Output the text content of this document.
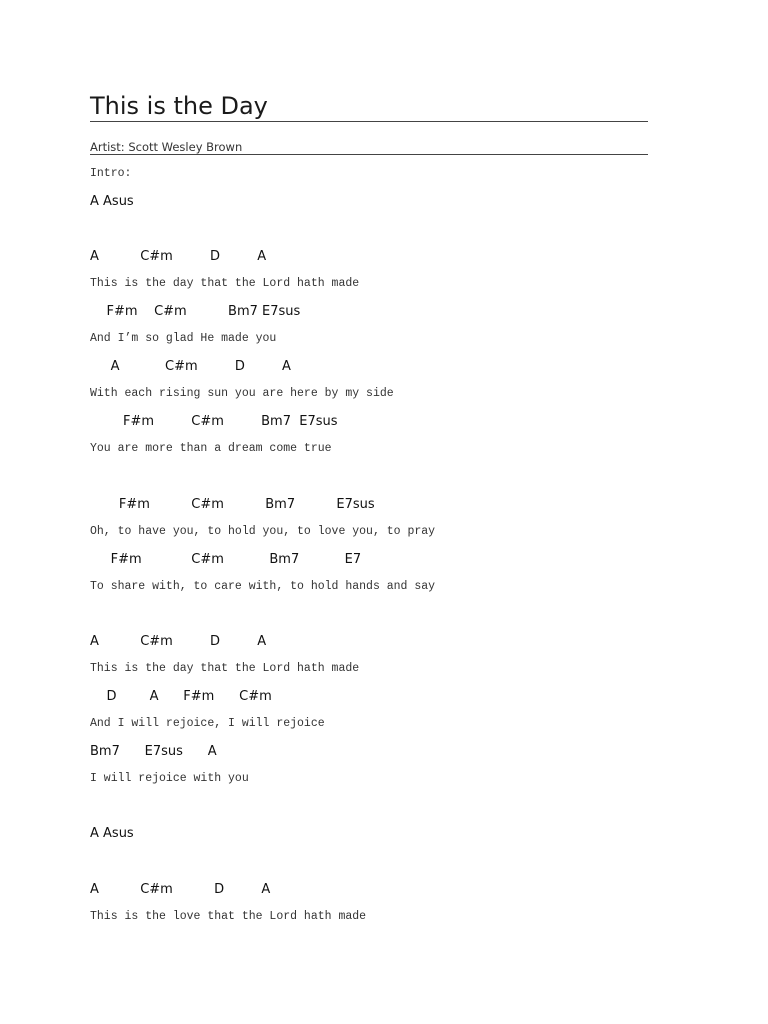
This is the Day
Artist: Scott Wesley Brown
Intro:
A Asus
A          C#m         D         A
This is the day that the Lord hath made
F#m    C#m          Bm7 E7sus
And I’m so glad He made you
A           C#m         D         A
With each rising sun you are here by my side
F#m         C#m         Bm7  E7sus
You are more than a dream come true
F#m          C#m          Bm7          E7sus
Oh, to have you, to hold you, to love you, to pray
F#m            C#m           Bm7           E7
To share with, to care with, to hold hands and say
A          C#m         D         A
This is the day that the Lord hath made
D        A      F#m      C#m
And I will rejoice, I will rejoice
Bm7      E7sus      A
I will rejoice with you
A Asus
A          C#m          D         A
This is the love that the Lord hath made
